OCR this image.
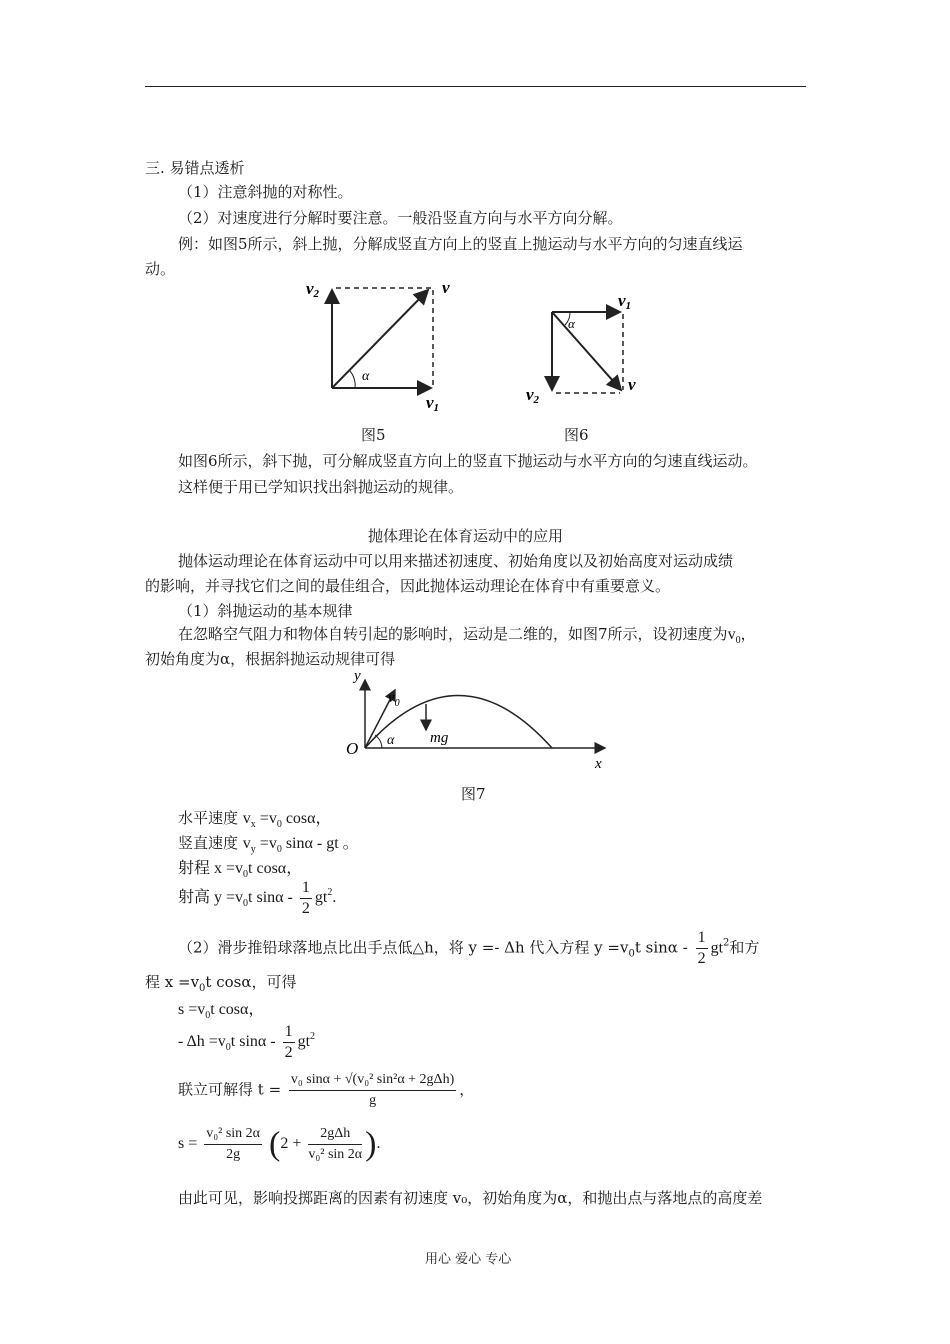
三. 易错点透析
（1）注意斜抛的对称性。
（2）对速度进行分解时要注意。一般沿竖直方向与水平方向分解。
例：如图5所示，斜上抛，分解成竖直方向上的竖直上抛运动与水平方向的匀速直线运
动。
α
v2	v
v1
α
v1
v2
v
图5	图6
如图6所示，斜下抛，可分解成竖直方向上的竖直下抛运动与水平方向的匀速直线运动。
这样便于用已学知识找出斜抛运动的规律。
抛体理论在体育运动中的应用
抛体运动理论在体育运动中可以用来描述初速度、初始角度以及初始高度对运动成绩
的影响，并寻找它们之间的最佳组合，因此抛体运动理论在体育中有重要意义。
（1）斜抛运动的基本规律
在忽略空气阻力和物体自转引起的影响时，运动是二维的，如图7所示，设初速度为$v_0$，
初始角度为α，根据斜抛运动规律可得
y
x
O
$v_0$
α mg
图7
水平速度 $v_x =v_0$ cosα，
竖直速度 $v_y =v_0$ sinα - gt 。
射程 $x =v_0t$ cosα，
射高 $y =v_0t$ sinα - $\frac{1}{2} gt^2$.
（2）滑步推铅球落地点比出手点低△h，将 y =- Δh 代入方程 $y =v_0t$ sinα - $\frac{1}{2} gt^2$和方
程 $x =v_0t$ cosα，可得
$s =v_0t$ cosα，
- $\Delta h =v_0t$ sinα - $\frac{1}{2} gt^2$
联立可解得 $t = \frac{\text{v₀ sinα + √(v₀² sin²α + 2gΔh)}}{g}$ ，
$s = \frac{\text{v₀² sin 2α}}{2g} (2 + \frac{\text{2gΔh}}{\text{v₀² sin 2α}}$ ).
由此可见，影响投掷距离的因素有初速度 v₀，初始角度为α，和抛出点与落地点的高度差
用心 爱心 专心
